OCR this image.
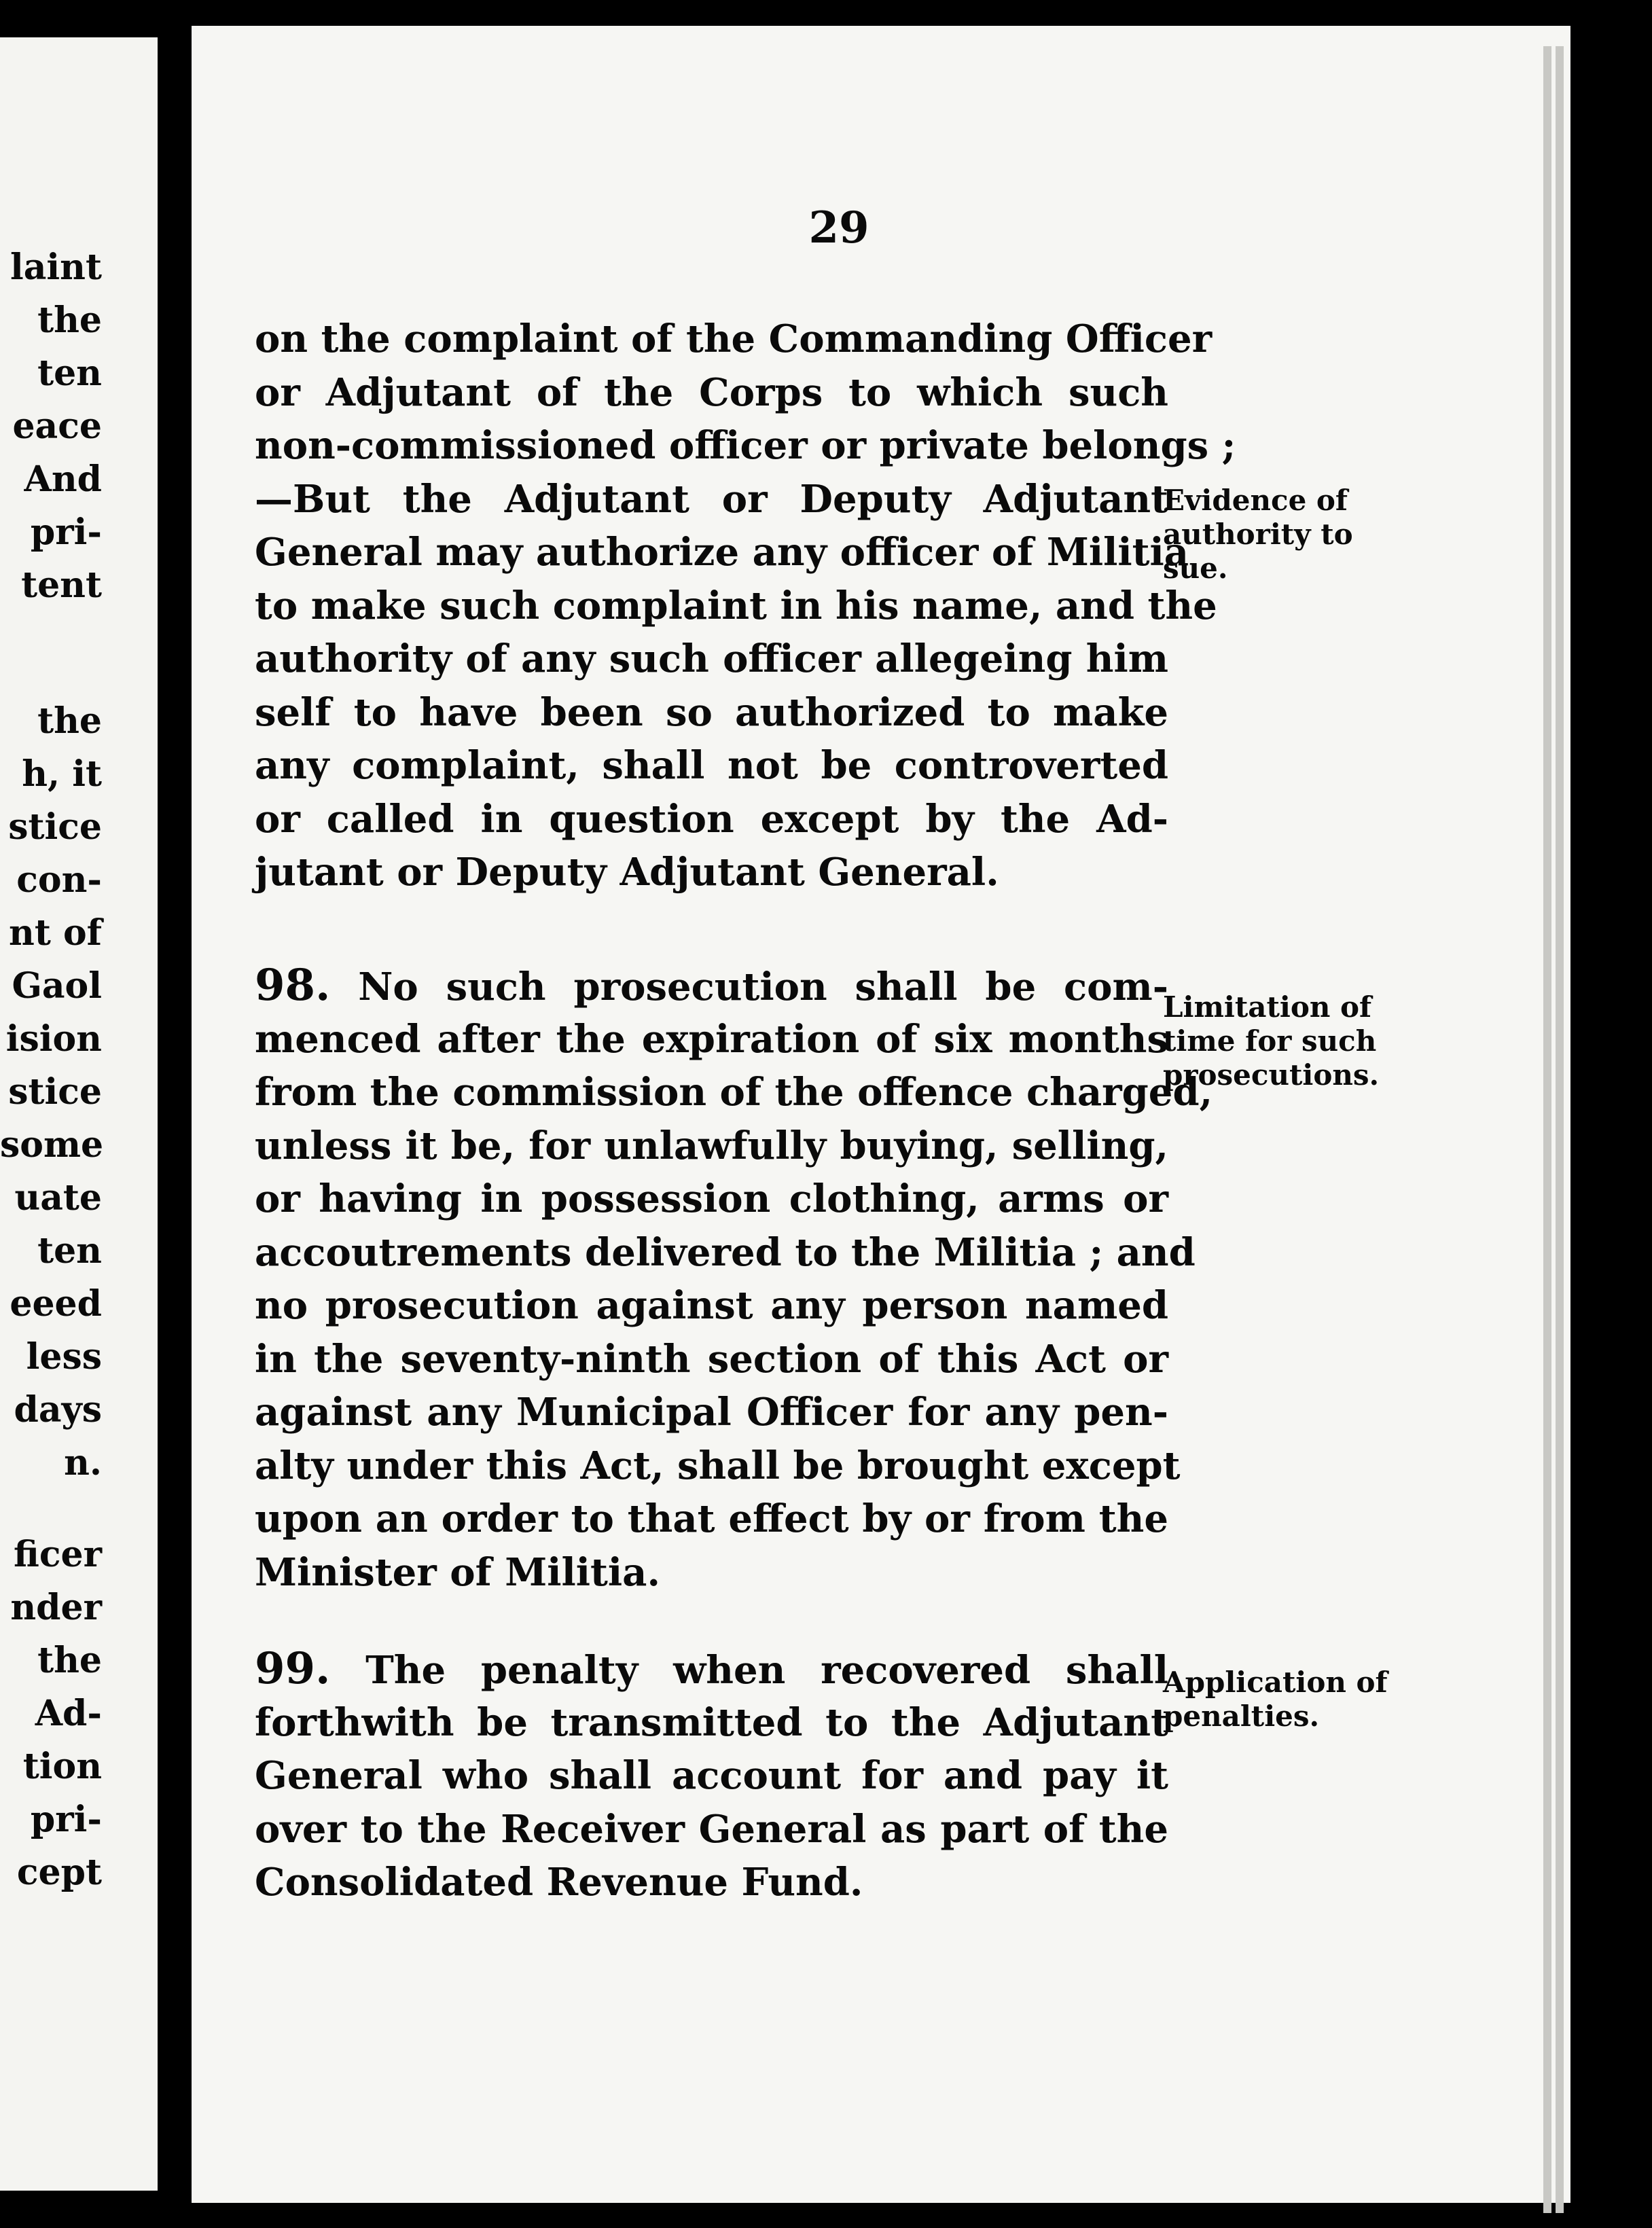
laint
the
ten
eace
And
pri-
tent
the
h, it
stice
con-
nt of
Gaol
ision
stice
some
uate
ten
eeed
less
days
n.
ficer
nder
the
Ad-
tion
pri-
cept
29
on the complaint of the Commanding Officer
or Adjutant of the Corps to which such
non-commissioned officer or private belongs ;
—But the Adjutant or Deputy Adjutant
General may authorize any officer of Militia
to make such complaint in his name, and the
authority of any such officer allegeing him
self to have been so authorized to make
any complaint, shall not be controverted
or called in question except by the Ad-
jutant or Deputy Adjutant General.
98. No such prosecution shall be com-
menced after the expiration of six months
from the commission of the offence charged,
unless it be, for unlawfully buying, selling,
or having in possession clothing, arms or
accoutrements delivered to the Militia ; and
no prosecution against any person named
in the seventy-ninth section of this Act or
against any Municipal Officer for any pen-
alty under this Act, shall be brought except
upon an order to that effect by or from the
Minister of Militia.
99. The penalty when recovered shall
forthwith be transmitted to the Adjutant
General who shall account for and pay it
over to the Receiver General as part of the
Consolidated Revenue Fund.
Evidence of
authority to
sue.
Limitation of
time for such
prosecutions.
Application of
penalties.
